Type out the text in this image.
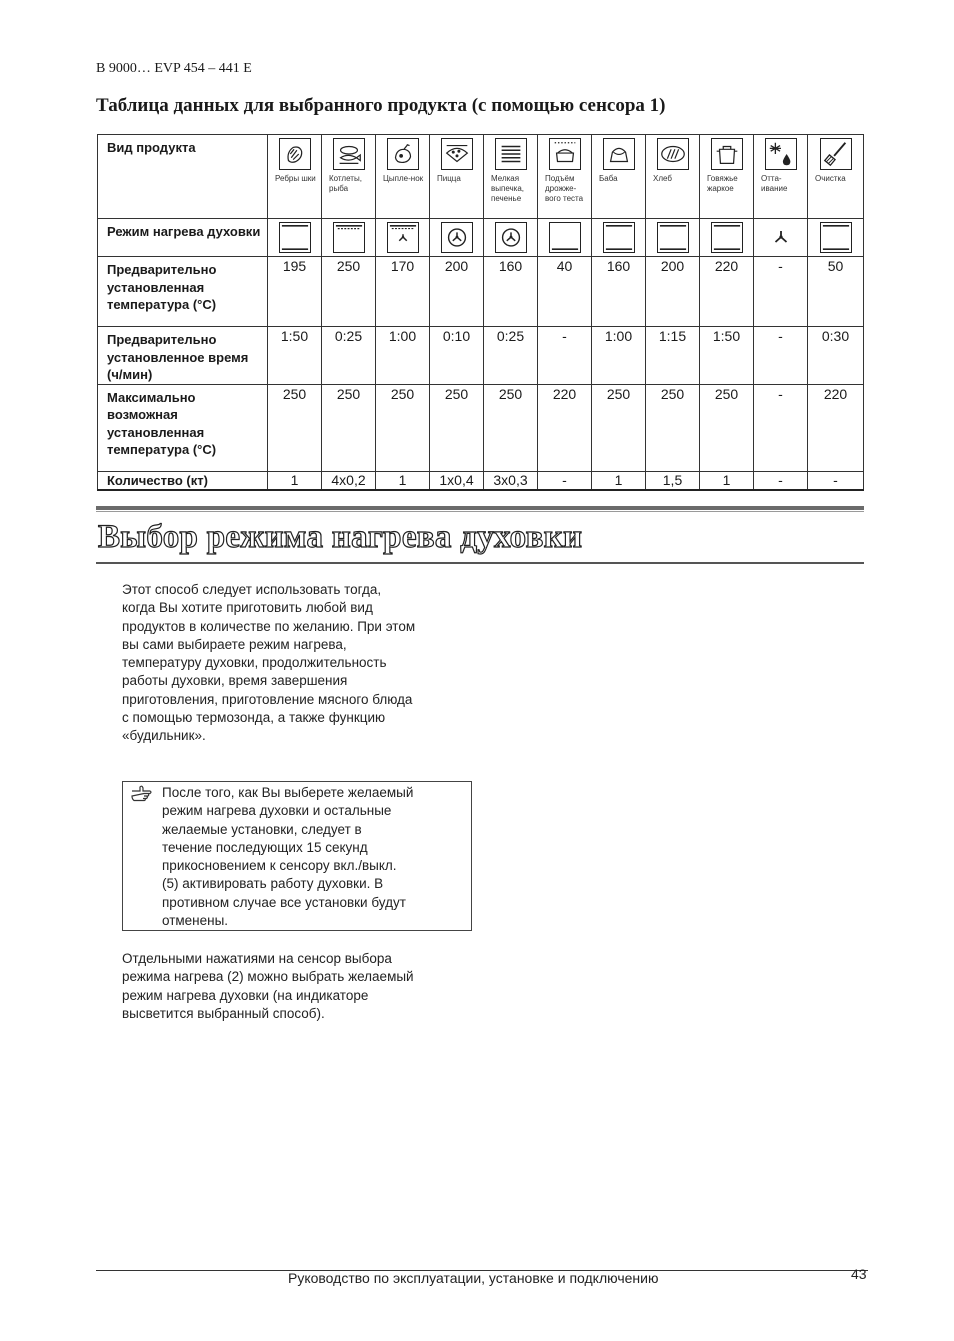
B 9000… EVP 454 – 441 E
Таблица данных для выбранного продукта (с помощью сенсора 1)
Вид продукта	Ребры шки	Котлеты, рыба	Цыпле-нок	Пицца	Мелкая выпечка, печенье	Подъём дрожже-вого теста	Баба	Хлеб	Говяжье жаркое	Отта-ивание	Очистка

Режим нагрева духовки	

Предварительно установленная температура (°С)	195	250	170	200	160	40	160	200	220	-	50
Предварительно установленное время (ч/мин)	1:50	0:25	1:00	0:10	0:25	-	1:00	1:15	1:50	-	0:30
Максимально возможная установленная температура (°С)	250	250	250	250	250	220	250	250	250	-	220
Количество (кт)	1	4x0,2	1	1x0,4	3x0,3	-	1	1,5	1	-	-
Выбор режима нагрева духовки
Этот способ следует использовать тогда,
когда Вы хотите приготовить любой вид
продуктов в количестве по желанию. При этом
вы сами выбираете режим нагрева,
температуру духовки, продолжительность
работы духовки, время завершения
приготовления, приготовление мясного блюда
с помощью термозонда, а также функцию
«будильник».
После того, как Вы выберете желаемый
режим нагрева духовки и остальные
желаемые установки, следует в
течение последующих 15 секунд
прикосновением к сенсору вкл./выкл.
(5) активировать работу духовки. В
противном случае все установки будут
отменены.
Отдельными нажатиями на сенсор выбора
режима нагрева (2) можно выбрать желаемый
режим нагрева духовки (на индикаторе
высветится выбранный способ).
Руководство по эксплуатации, установке и подключению	43
